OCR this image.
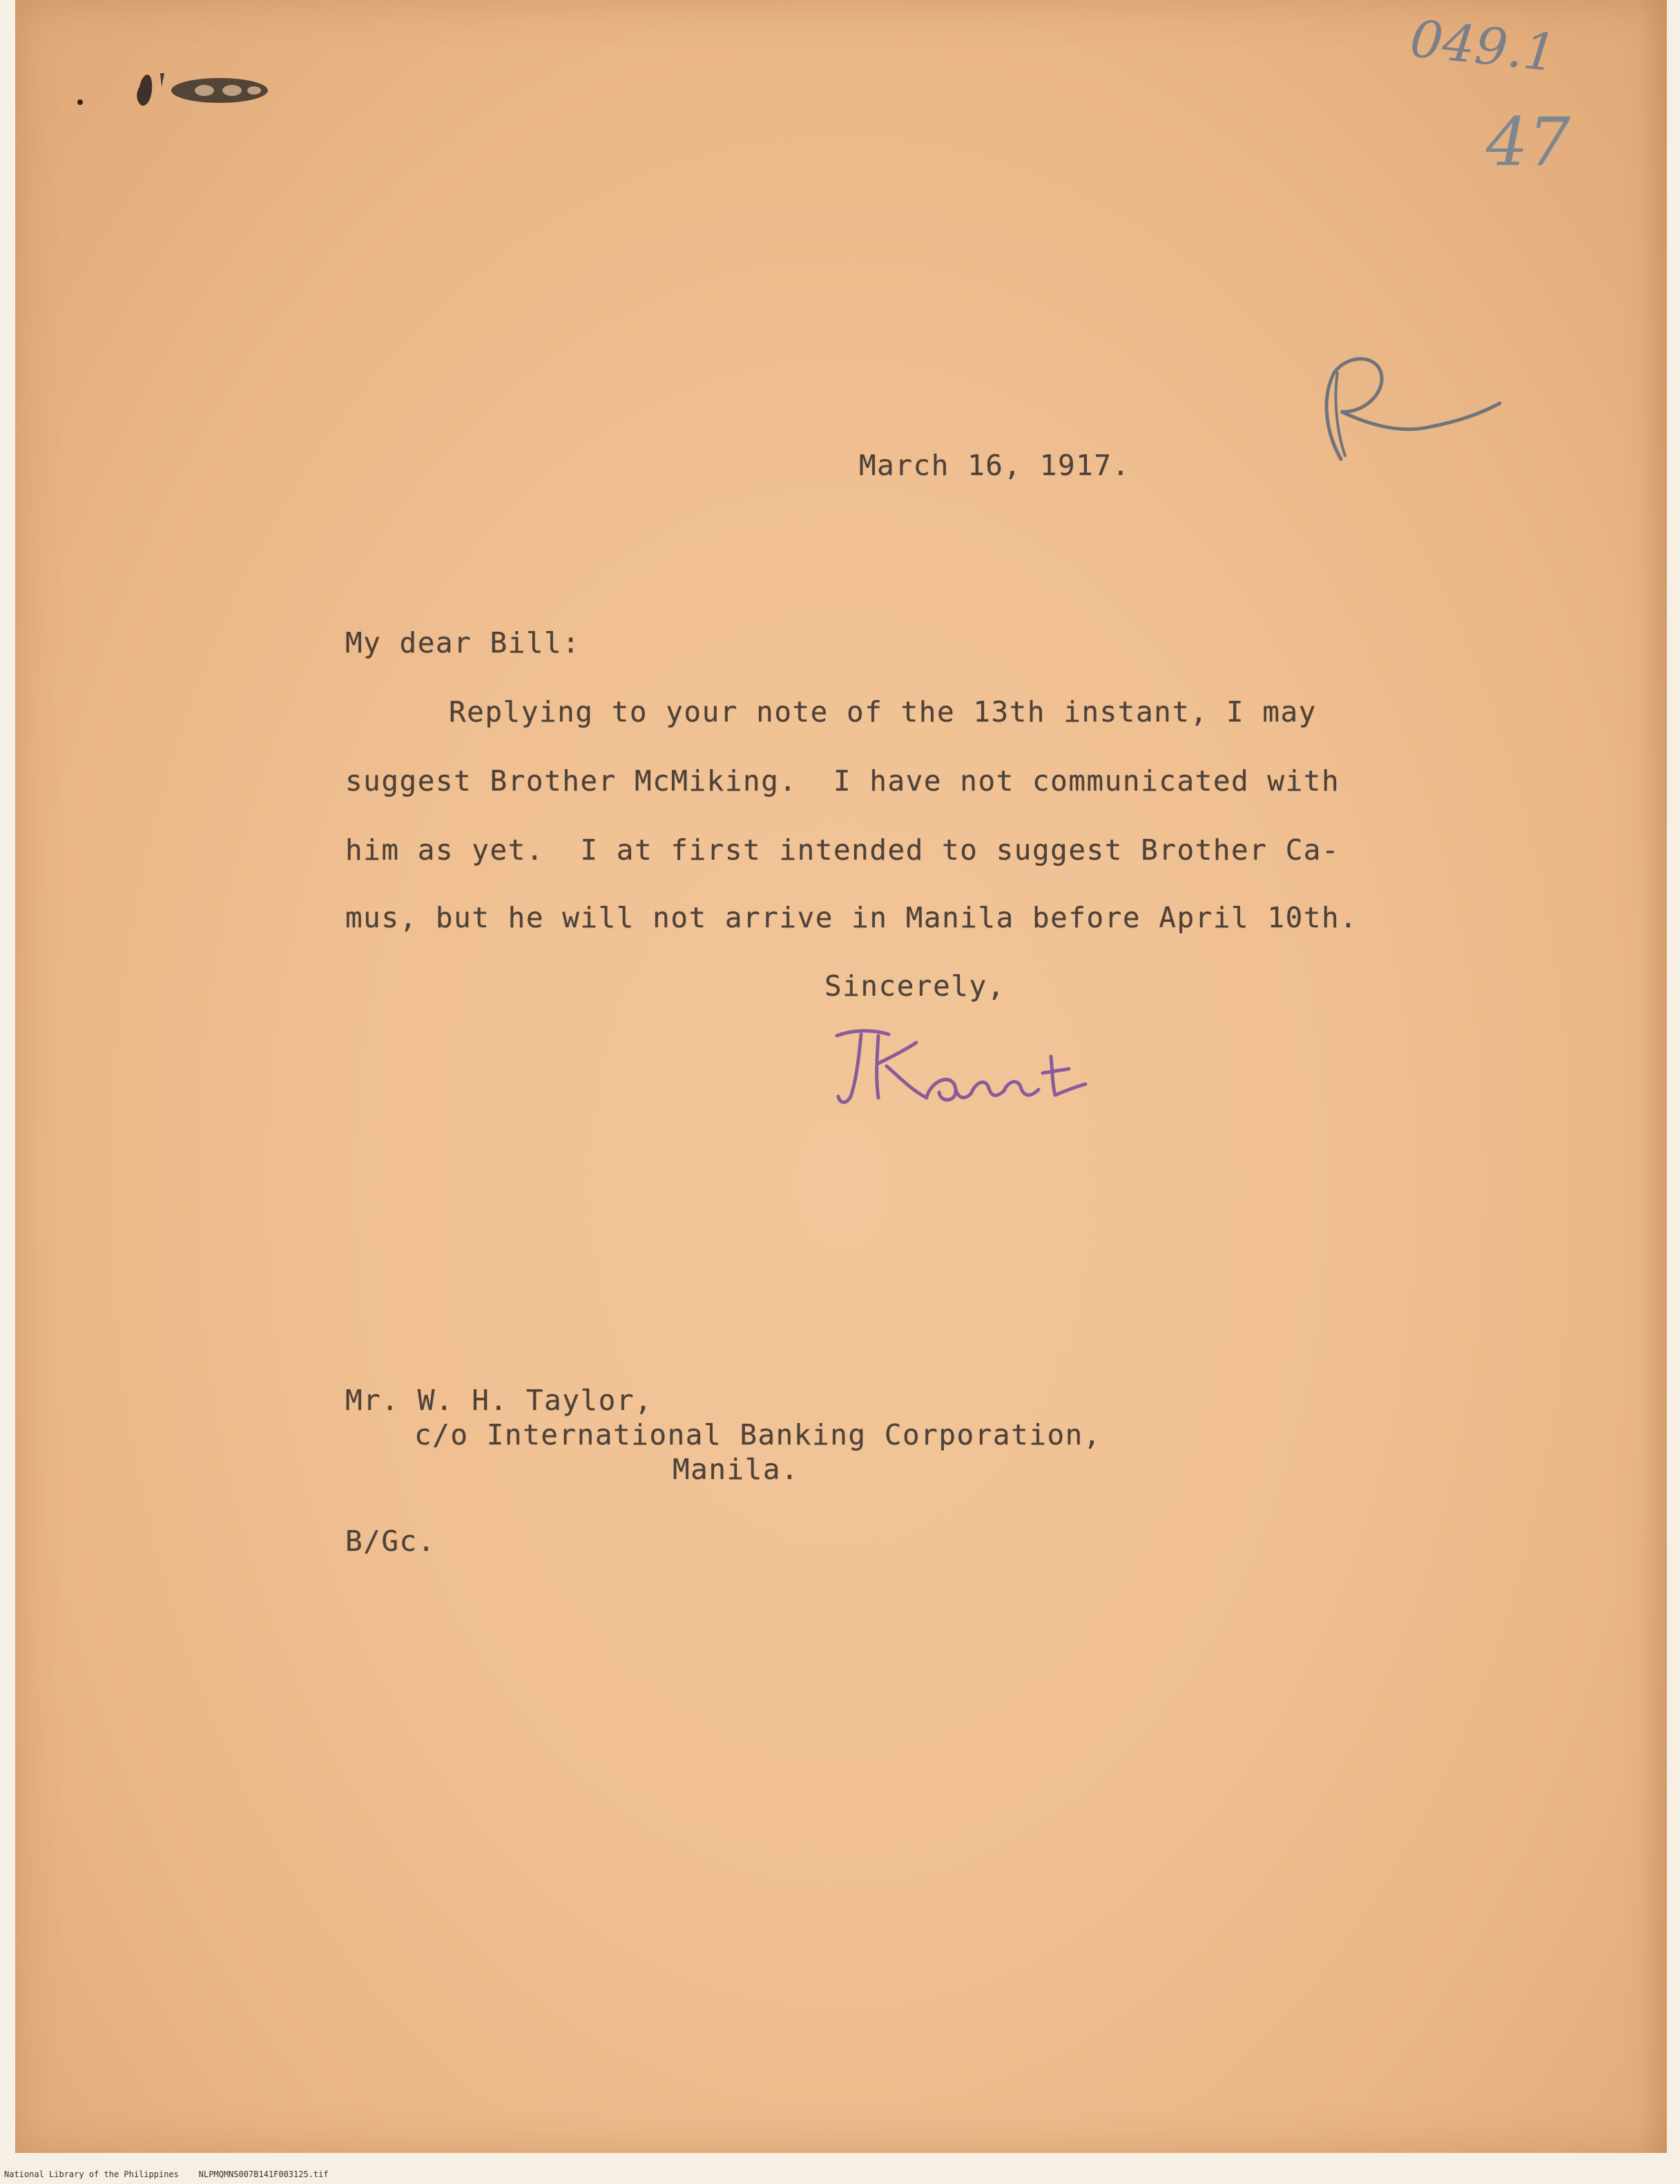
049.1
47
March 16, 1917.
My dear Bill:
Replying to your note of the 13th instant, I may
suggest Brother McMiking.  I have not communicated with
him as yet.  I at first intended to suggest Brother Ca-
mus, but he will not arrive in Manila before April 10th.
Sincerely,
Mr. W. H. Taylor,
c/o International Banking Corporation,
Manila.
B/Gc.
National Library of the Philippines    NLPMQMNS007B141F003125.tif
